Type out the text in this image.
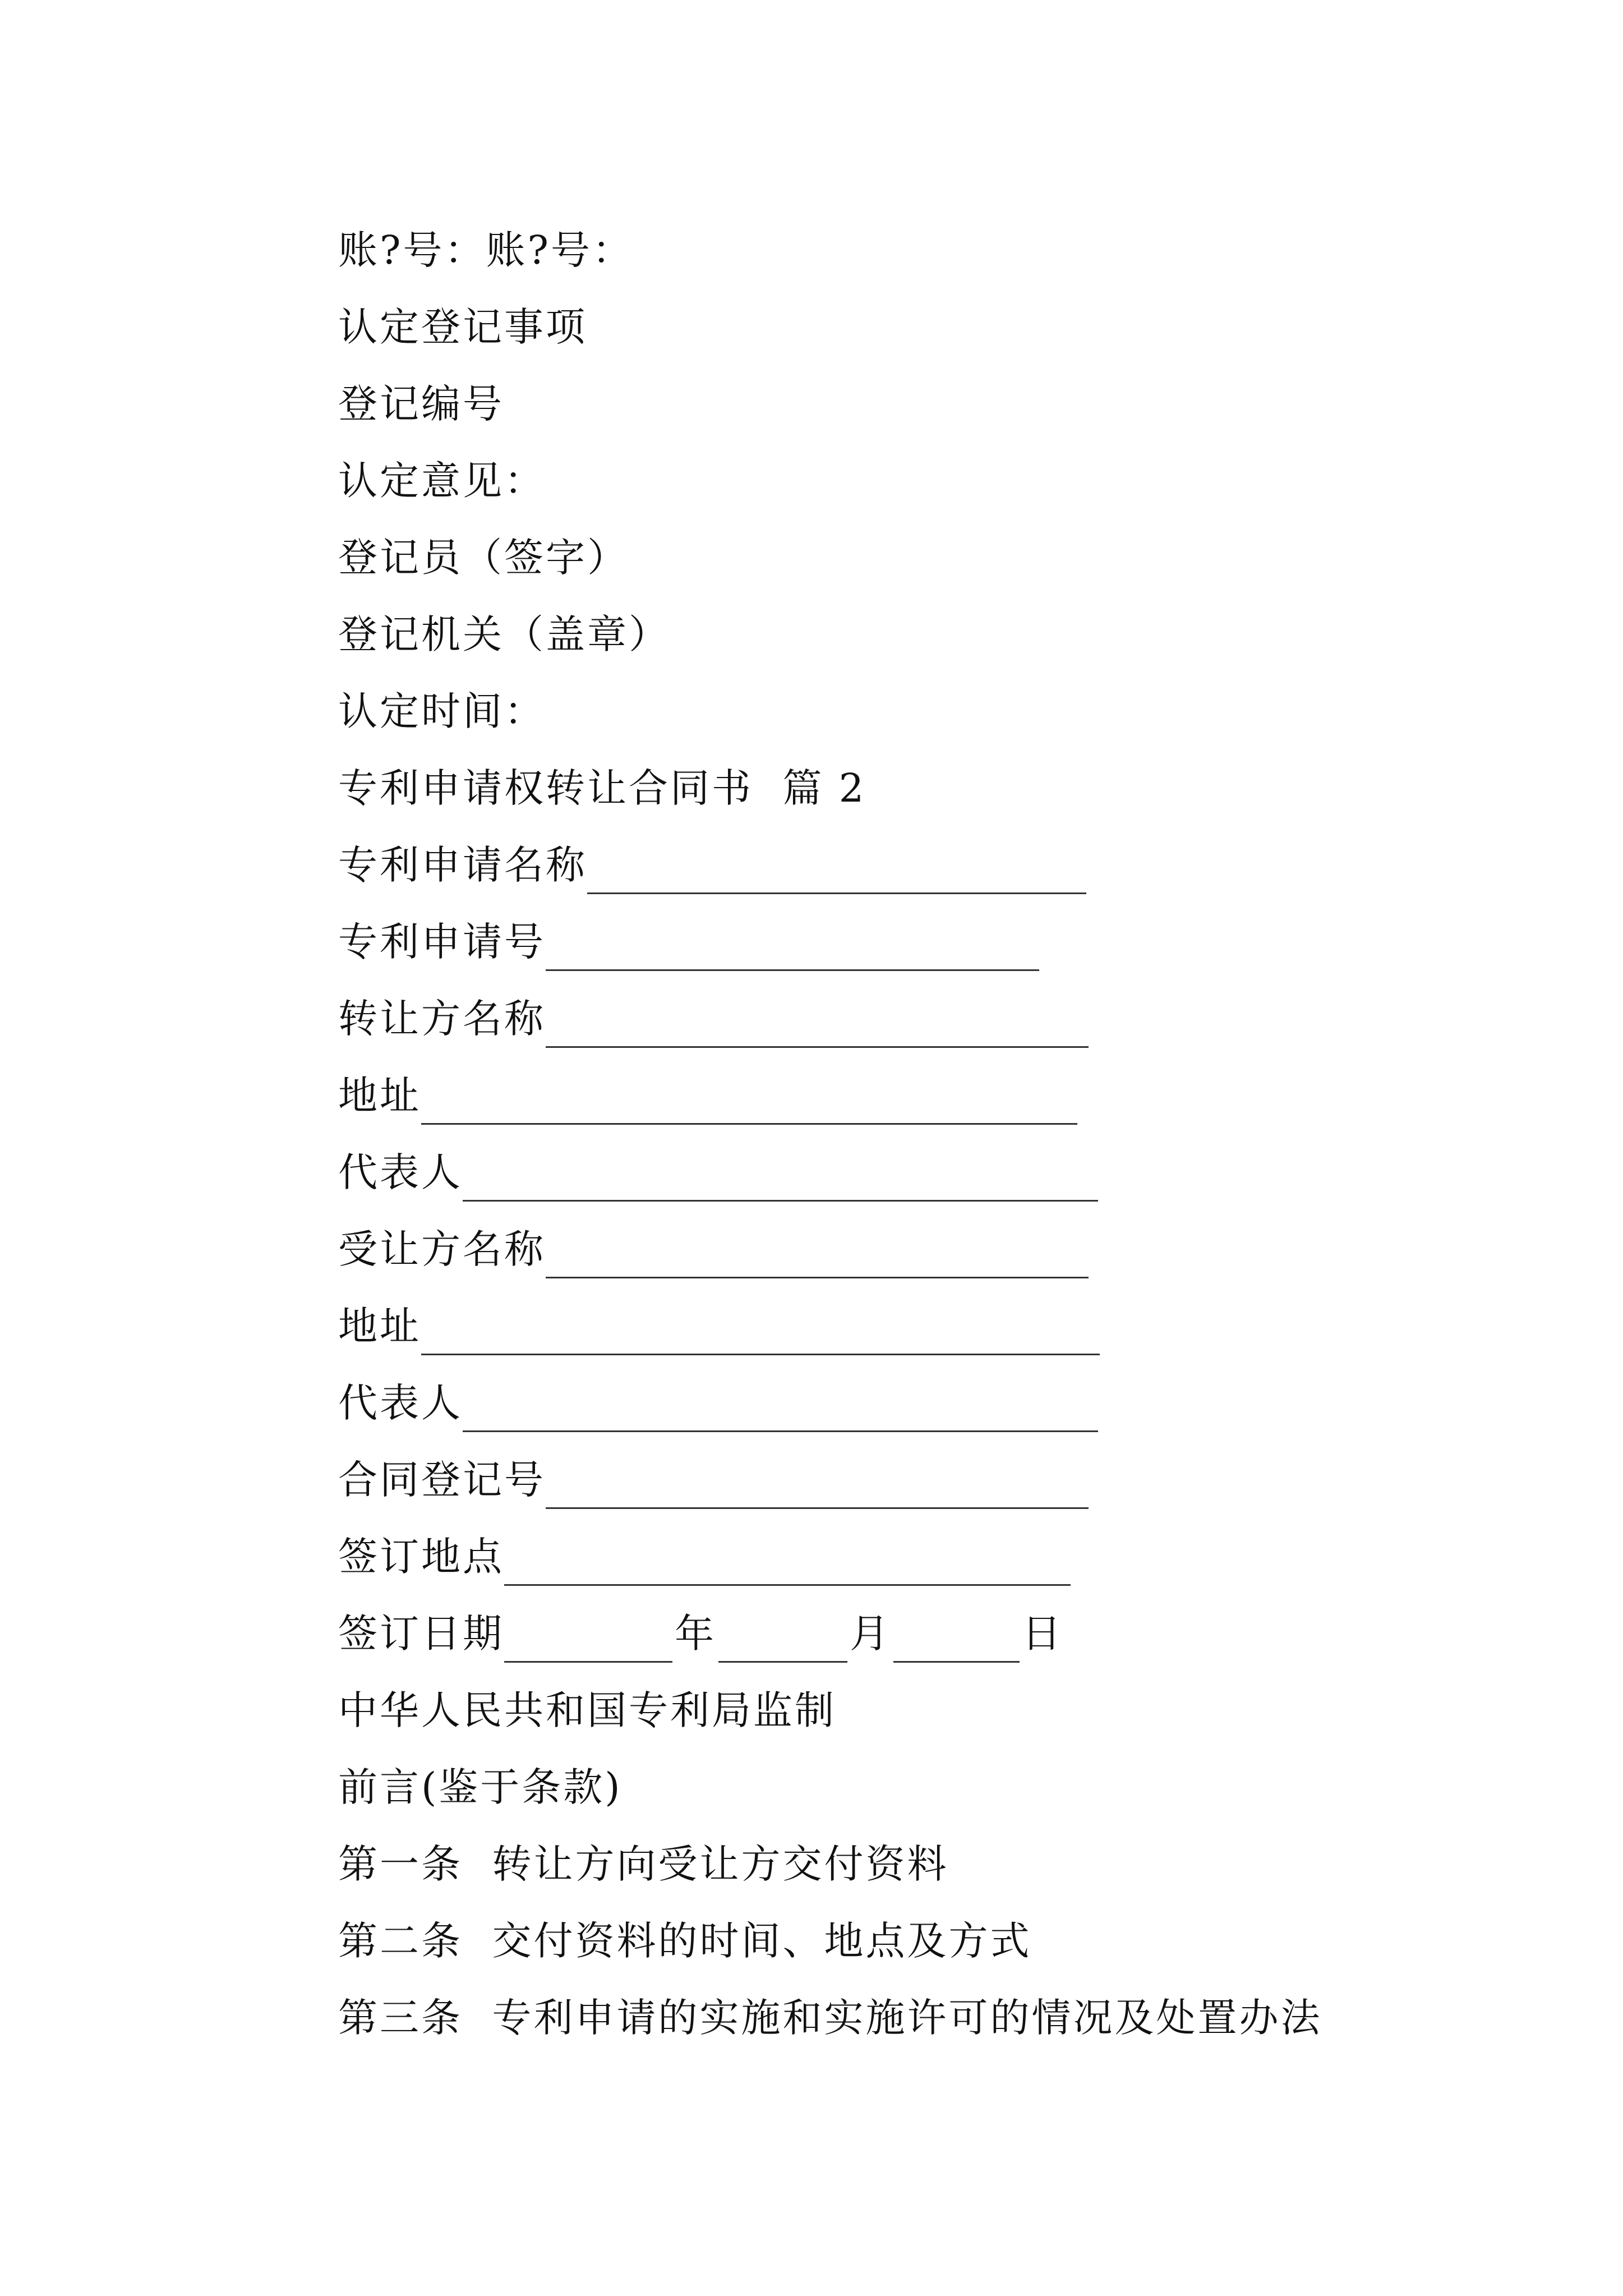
账?号：账?号：
认定登记事项
登记编号
认定意见：
登记员（签字）
登记机关（盖章）
认定时间：
专利申请权转让合同书  篇 2
专利申请名称
专利申请号
转让方名称
地址
代表人
受让方名称
地址
代表人
合同登记号
签订地点
签订日期	年	月	日
中华人民共和国专利局监制
前言(鉴于条款)
第一条  转让方向受让方交付资料
第二条  交付资料的时间、地点及方式
第三条  专利申请的实施和实施许可的情况及处置办法
